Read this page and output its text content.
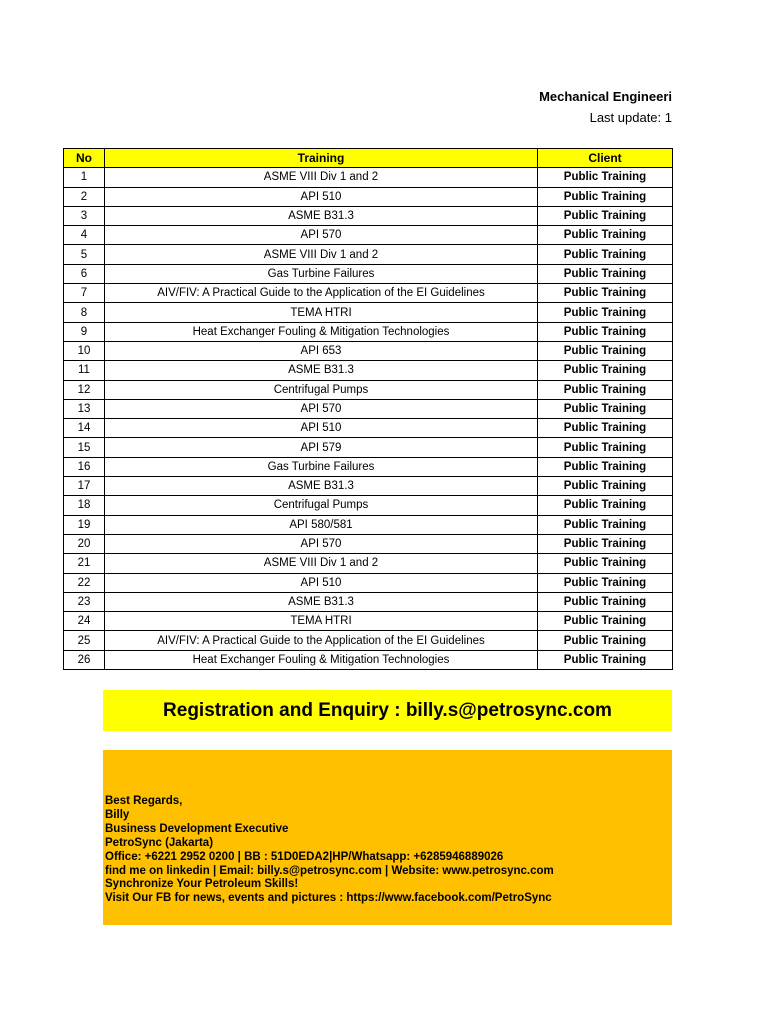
Mechanical Engineeri
Last update: 1
No	Training	Client
1	ASME VIII Div 1 and 2	Public Training
2	API 510	Public Training
3	ASME B31.3	Public Training
4	API 570	Public Training
5	ASME VIII Div 1 and 2	Public Training
6	Gas Turbine Failures	Public Training
7	AIV/FIV: A Practical Guide to the Application of the EI Guidelines	Public Training
8	TEMA HTRI	Public Training
9	Heat Exchanger Fouling & Mitigation Technologies	Public Training
10	API 653	Public Training
11	ASME B31.3	Public Training
12	Centrifugal Pumps	Public Training
13	API 570	Public Training
14	API 510	Public Training
15	API 579	Public Training
16	Gas Turbine Failures	Public Training
17	ASME B31.3	Public Training
18	Centrifugal Pumps	Public Training
19	API 580/581	Public Training
20	API 570	Public Training
21	ASME VIII Div 1 and 2	Public Training
22	API 510	Public Training
23	ASME B31.3	Public Training
24	TEMA HTRI	Public Training
25	AIV/FIV: A Practical Guide to the Application of the EI Guidelines	Public Training
26	Heat Exchanger Fouling & Mitigation Technologies	Public Training
Registration and Enquiry : billy.s@petrosync.com
Best Regards,
Billy
Business Development Executive
PetroSync (Jakarta)
Office: +6221 2952 0200 | BB : 51D0EDA2|HP/Whatsapp: +6285946889026
find me on linkedin | Email: billy.s@petrosync.com | Website: www.petrosync.com
Synchronize Your Petroleum Skills!
Visit Our FB for news, events and pictures : https://www.facebook.com/PetroSync
